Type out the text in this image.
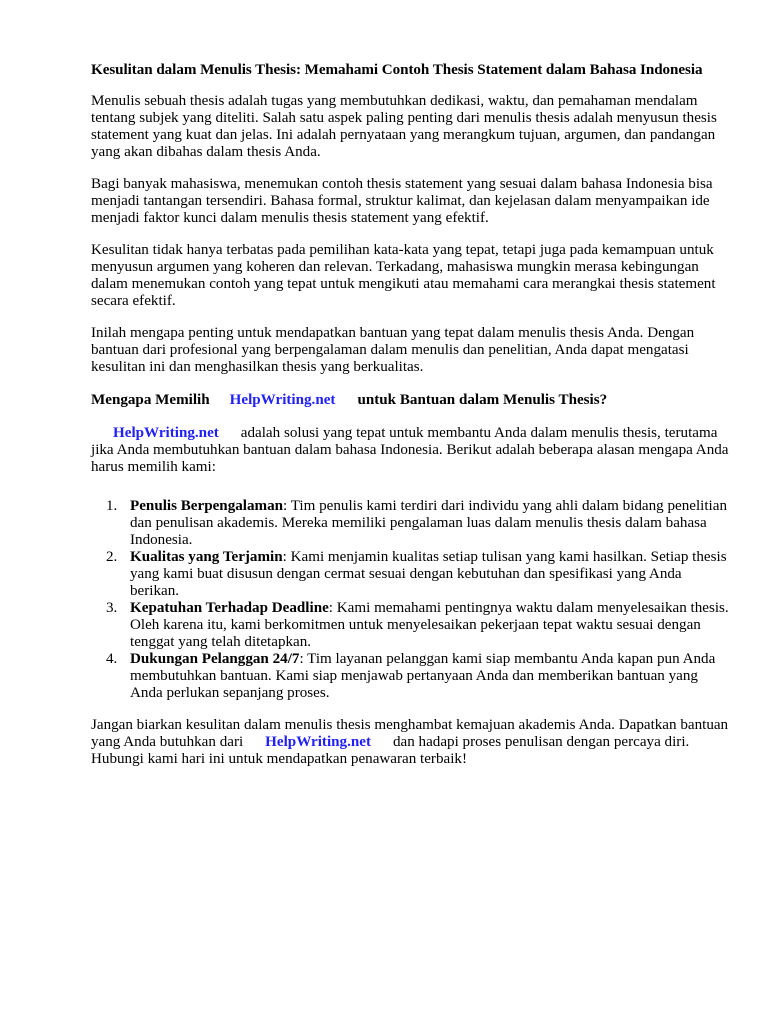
Kesulitan dalam Menulis Thesis: Memahami Contoh Thesis Statement dalam Bahasa Indonesia

Menulis sebuah thesis adalah tugas yang membutuhkan dedikasi, waktu, dan pemahaman mendalam tentang subjek yang diteliti. Salah satu aspek paling penting dari menulis thesis adalah menyusun thesis statement yang kuat dan jelas. Ini adalah pernyataan yang merangkum tujuan, argumen, dan pandangan yang akan dibahas dalam thesis Anda.

Bagi banyak mahasiswa, menemukan contoh thesis statement yang sesuai dalam bahasa Indonesia bisa menjadi tantangan tersendiri. Bahasa formal, struktur kalimat, dan kejelasan dalam menyampaikan ide menjadi faktor kunci dalam menulis thesis statement yang efektif.

Kesulitan tidak hanya terbatas pada pemilihan kata-kata yang tepat, tetapi juga pada kemampuan untuk menyusun argumen yang koheren dan relevan. Terkadang, mahasiswa mungkin merasa kebingungan dalam menemukan contoh yang tepat untuk mengikuti atau memahami cara merangkai thesis statement secara efektif.

Inilah mengapa penting untuk mendapatkan bantuan yang tepat dalam menulis thesis Anda. Dengan bantuan dari profesional yang berpengalaman dalam menulis dan penelitian, Anda dapat mengatasi kesulitan ini dan menghasilkan thesis yang berkualitas.

Mengapa Memilih HelpWriting.net untuk Bantuan dalam Menulis Thesis?

HelpWriting.net adalah solusi yang tepat untuk membantu Anda dalam menulis thesis, terutama jika Anda membutuhkan bantuan dalam bahasa Indonesia. Berikut adalah beberapa alasan mengapa Anda harus memilih kami:

1. Penulis Berpengalaman: Tim penulis kami terdiri dari individu yang ahli dalam bidang penelitian dan penulisan akademis. Mereka memiliki pengalaman luas dalam menulis thesis dalam bahasa Indonesia.
2. Kualitas yang Terjamin: Kami menjamin kualitas setiap tulisan yang kami hasilkan. Setiap thesis yang kami buat disusun dengan cermat sesuai dengan kebutuhan dan spesifikasi yang Anda berikan.
3. Kepatuhan Terhadap Deadline: Kami memahami pentingnya waktu dalam menyelesaikan thesis. Oleh karena itu, kami berkomitmen untuk menyelesaikan pekerjaan tepat waktu sesuai dengan tenggat yang telah ditetapkan.
4. Dukungan Pelanggan 24/7: Tim layanan pelanggan kami siap membantu Anda kapan pun Anda membutuhkan bantuan. Kami siap menjawab pertanyaan Anda dan memberikan bantuan yang Anda perlukan sepanjang proses.

Jangan biarkan kesulitan dalam menulis thesis menghambat kemajuan akademis Anda. Dapatkan bantuan yang Anda butuhkan dari HelpWriting.net dan hadapi proses penulisan dengan percaya diri. Hubungi kami hari ini untuk mendapatkan penawaran terbaik!
